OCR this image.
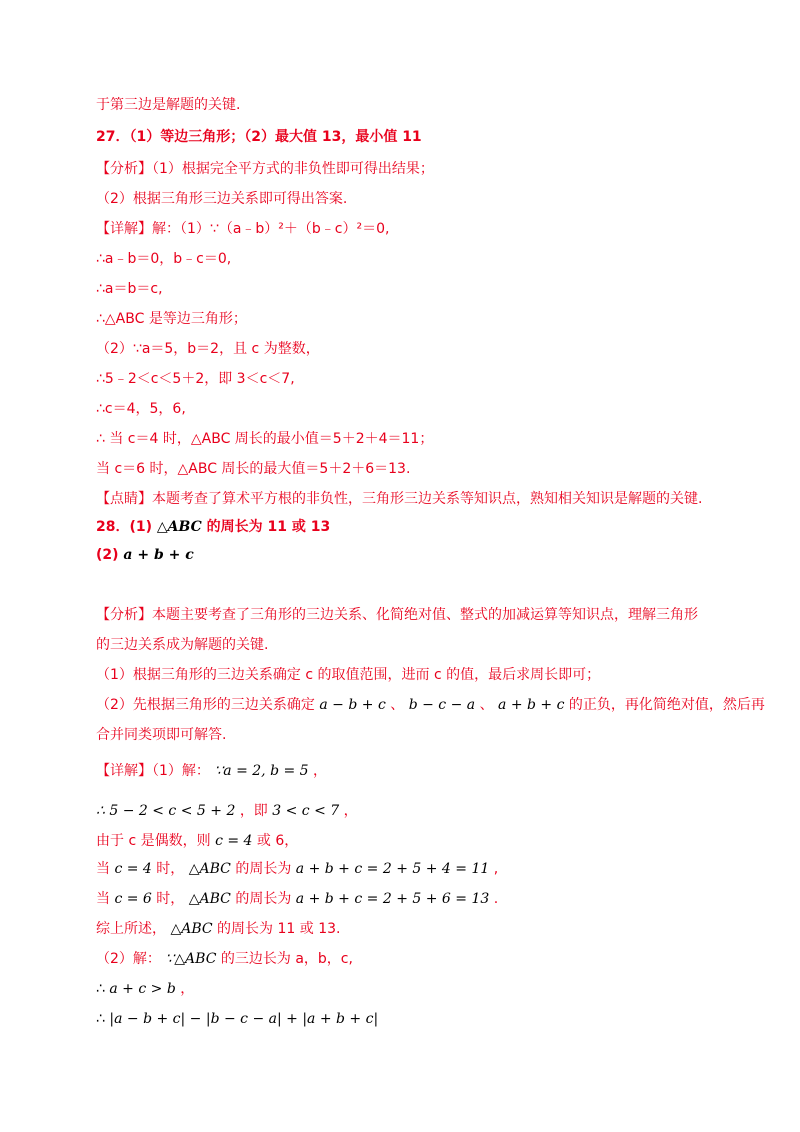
于第三边是解题的关键.
27．（1）等边三角形；（2）最大值 13，最小值 11
【分析】（1）根据完全平方式的非负性即可得出结果；
（2）根据三角形三边关系即可得出答案.
【详解】解：（1）∵（a﹣b）²＋（b﹣c）²＝0,
∴a﹣b＝0，b﹣c＝0,
∴a＝b＝c,
∴△ABC 是等边三角形；
（2）∵a＝5，b＝2，且 c 为整数，
∴5﹣2＜c＜5＋2，即 3＜c＜7,
∴c＝4，5，6,
∴ 当 c＝4 时，△ABC 周长的最小值＝5＋2＋4＝11；
当 c＝6 时，△ABC 周长的最大值＝5＋2＋6＝13.
【点睛】本题考查了算术平方根的非负性，三角形三边关系等知识点，熟知相关知识是解题的关键.
28．(1) △ABC 的周长为 11 或 13
(2) a + b + c
【分析】本题主要考查了三角形的三边关系、化简绝对值、整式的加减运算等知识点，理解三角形
的三边关系成为解题的关键.
（1）根据三角形的三边关系确定 c 的取值范围，进而 c 的值，最后求周长即可；
（2）先根据三角形的三边关系确定 a − b + c 、 b − c − a 、 a + b + c 的正负，再化简绝对值，然后再
合并同类项即可解答.
【详解】（1）解： ∵a = 2, b = 5 ，
∴ 5 − 2 < c < 5 + 2 ，即 3 < c < 7 ，
由于 c 是偶数，则 c = 4 或 6，
当 c = 4 时， △ABC 的周长为 a + b + c = 2 + 5 + 4 = 11 ,
当 c = 6 时， △ABC 的周长为 a + b + c = 2 + 5 + 6 = 13 .
综上所述， △ABC 的周长为 11 或 13.
（2）解： ∵△ABC 的三边长为 a，b，c,
∴ a + c > b ，
∴ |a − b + c| − |b − c − a| + |a + b + c|
